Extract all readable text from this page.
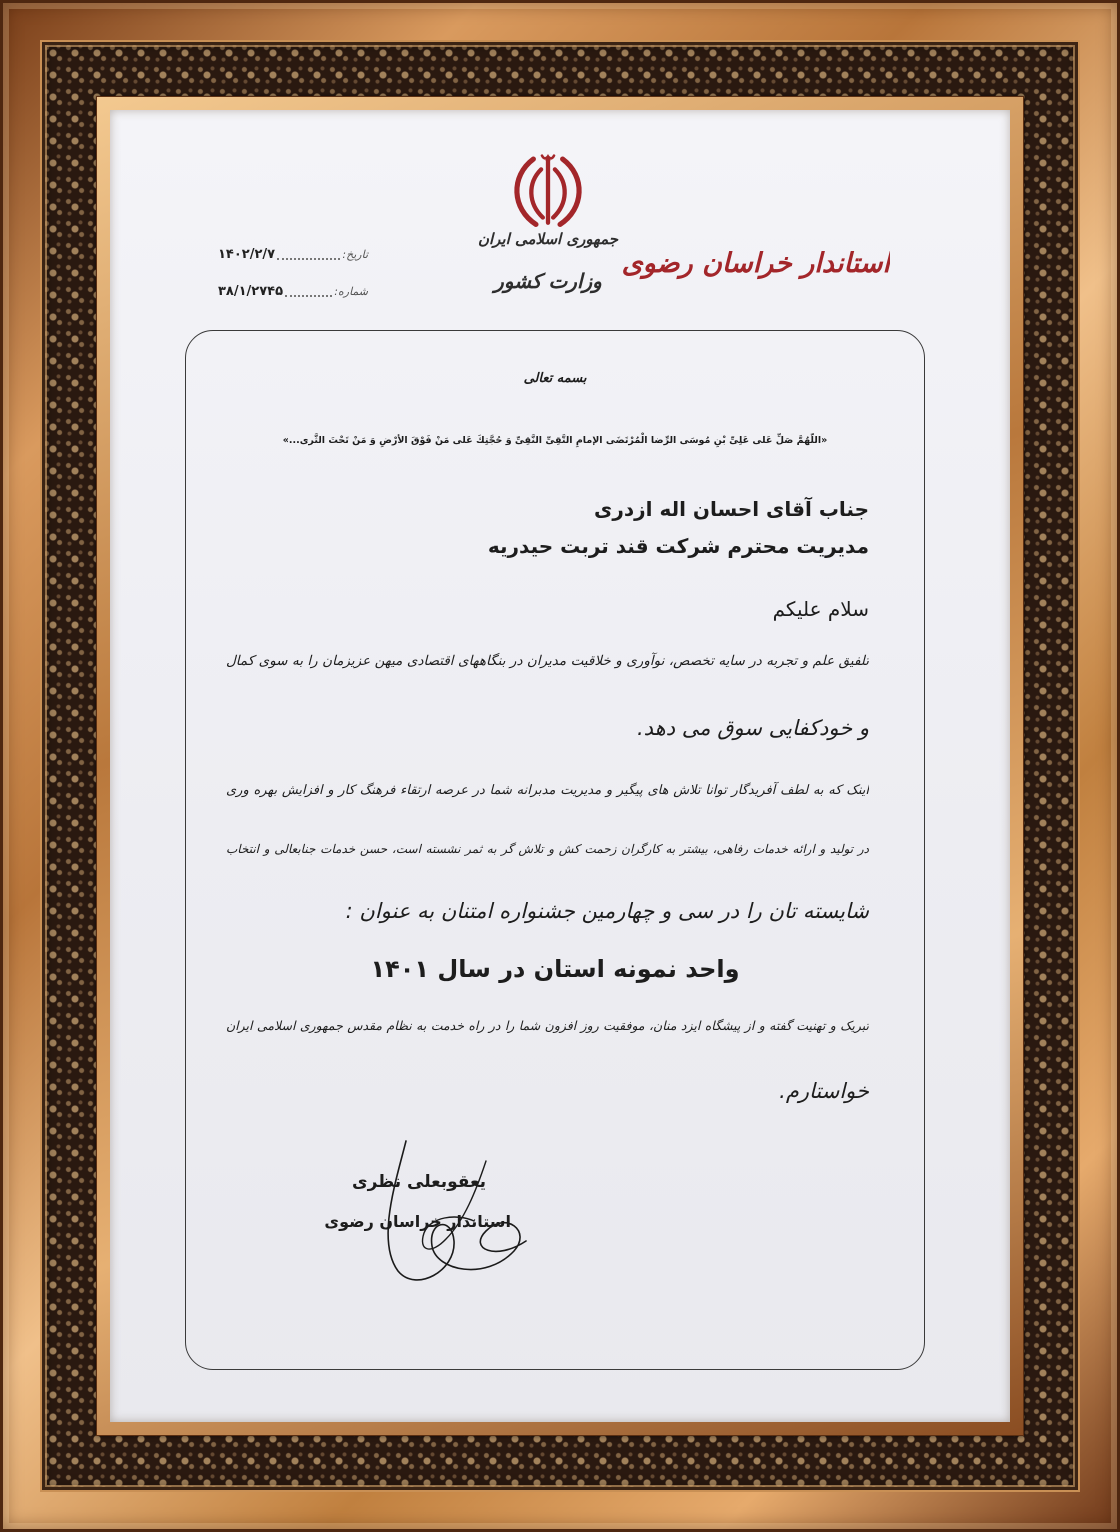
استاندار خراسان رضوی
جمهوری اسلامی ایران
وزارت کشور
تاریخ:
۱۴۰۲/۲/۷
شماره:
۳۸/۱/۲۷۴۵
بسمه تعالی
«اللّهُمَّ صَلِّ عَلی عَلِیِّ بْنِ مُوسَی الرِّضا الْمُرْتَضَی الإمامِ التَّقِیِّ النَّقِیِّ وَ حُجَّتِكَ عَلی مَنْ فَوْقَ الأرْضِ وَ مَنْ تَحْتَ الثَّری...»
جناب آقای احسان اله ازدری
مدیریت محترم شرکت قند تربت حیدریه
سلام علیکم
تلفیق علم و تجربه در سایه تخصص، نوآوری و خلاقیت مدیران در بنگاههای اقتصادی میهن عزیزمان را به سوی کمال
و خودکفایی سوق می دهد.
اینک که به لطف آفریدگار توانا تلاش های پیگیر و مدیریت مدبرانه شما در عرصه ارتقاء فرهنگ کار و افزایش بهره وری
در تولید و ارائه خدمات رفاهی، بیشتر به کارگران زحمت کش و تلاش گر به ثمر نشسته است، حسن خدمات جنابعالی و انتخاب
شایسته تان را در سی و چهارمین جشنواره امتنان به عنوان :
واحد نمونه استان در سال ۱۴۰۱
تبریک و تهنیت گفته و از پیشگاه ایزد منان، موفقیت روز افزون شما را در راه خدمت به نظام مقدس جمهوری اسلامی ایران
خواستارم.
یعقوبعلی نظری
استاندار خراسان رضوی
